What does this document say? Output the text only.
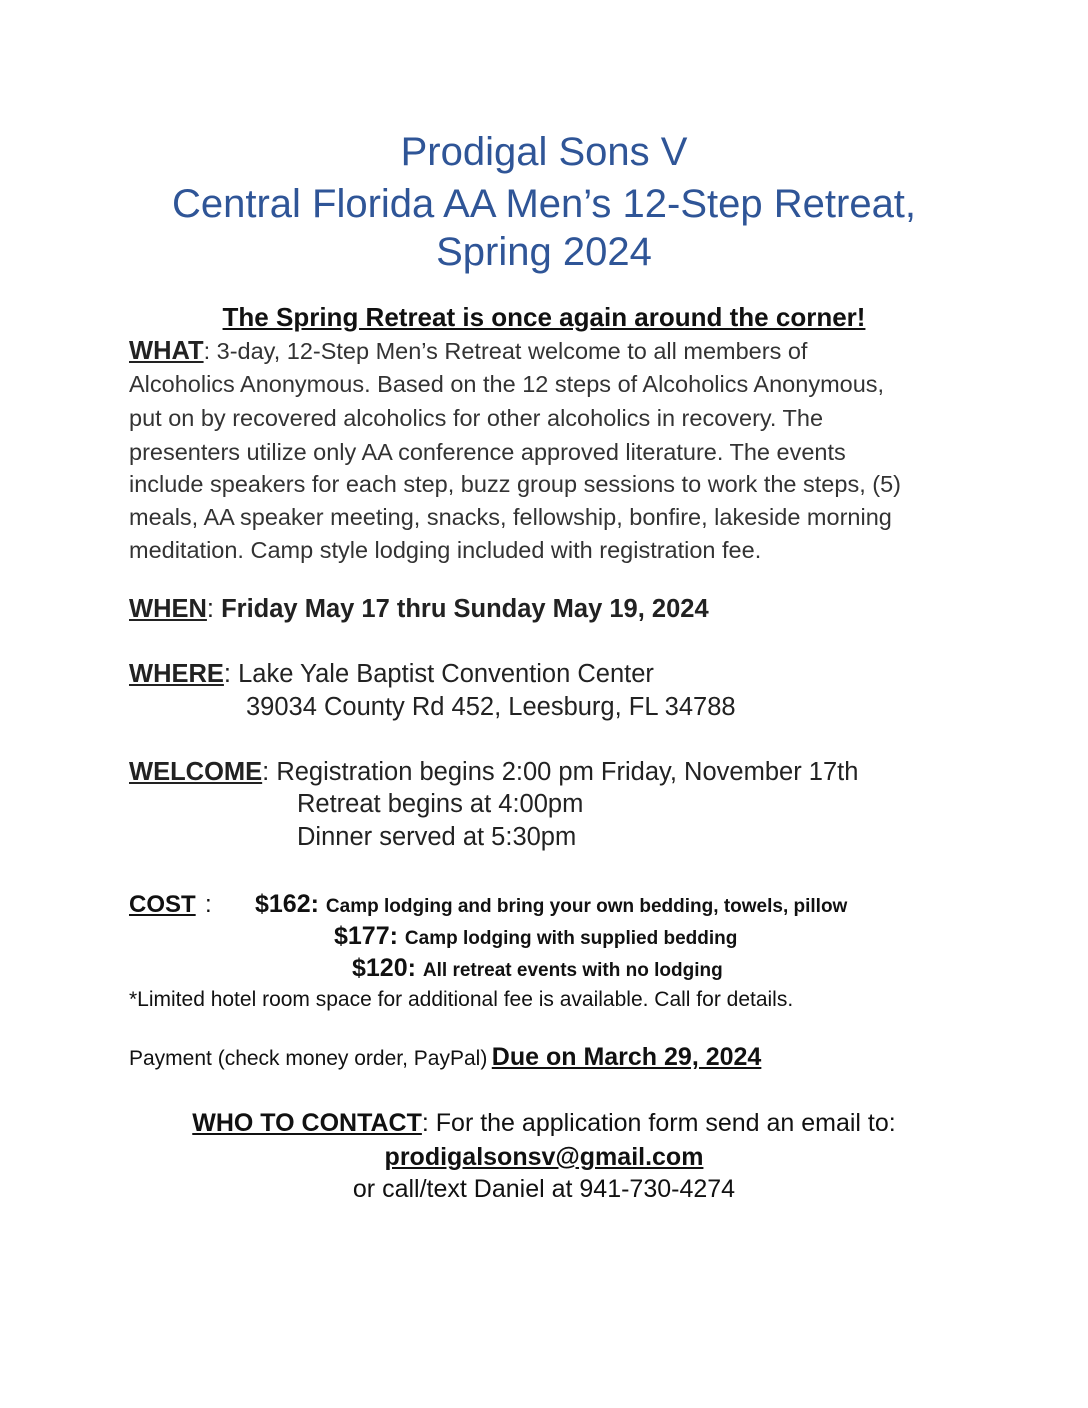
Prodigal Sons V
Central Florida AA Men’s 12-Step Retreat,
Spring 2024
The Spring Retreat is once again around the corner!
WHAT: 3-day, 12-Step Men’s Retreat welcome to all members of
Alcoholics Anonymous. Based on the 12 steps of Alcoholics Anonymous,
put on by recovered alcoholics for other alcoholics in recovery. The
presenters utilize only AA conference approved literature. The events
include speakers for each step, buzz group sessions to work the steps, (5)
meals, AA speaker meeting, snacks, fellowship, bonfire, lakeside morning
meditation. Camp style lodging included with registration fee.
WHEN: Friday May 17 thru Sunday May 19, 2024
WHERE: Lake Yale Baptist Convention Center
39034 County Rd 452, Leesburg, FL 34788
WELCOME: Registration begins 2:00 pm Friday, November 17th
Retreat begins at 4:00pm
Dinner served at 5:30pm
COST : $162: Camp lodging and bring your own bedding, towels, pillow
$177: Camp lodging with supplied bedding
$120: All retreat events with no lodging
*Limited hotel room space for additional fee is available. Call for details.
Payment (check money order, PayPal) Due on March 29, 2024
WHO TO CONTACT: For the application form send an email to:
prodigalsonsv@gmail.com
or call/text Daniel at 941-730-4274
